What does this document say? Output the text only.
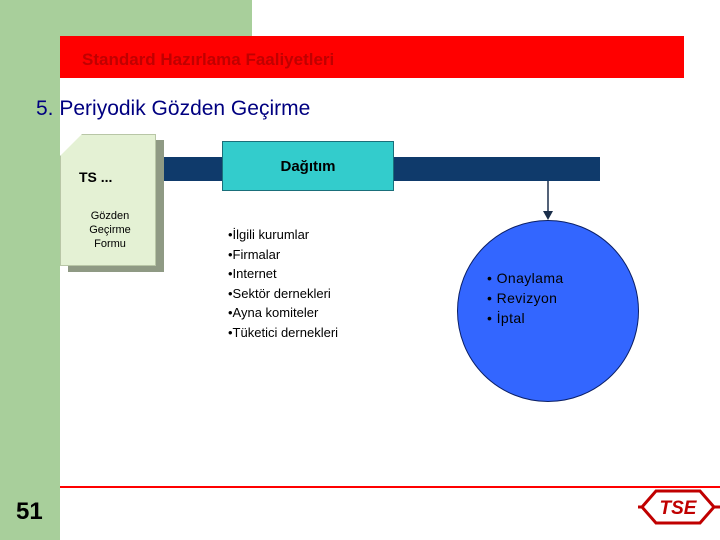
Standard Hazırlama Faaliyetleri
5. Periyodik Gözden Geçirme
TS ...
Gözden
Geçirme
Formu
Dağıtım
•İlgili kurumlar
•Firmalar
•Internet
•Sektör dernekleri
•Ayna komiteler
•Tüketici dernekleri
• Onaylama
• Revizyon
• İptal
51	TSE
